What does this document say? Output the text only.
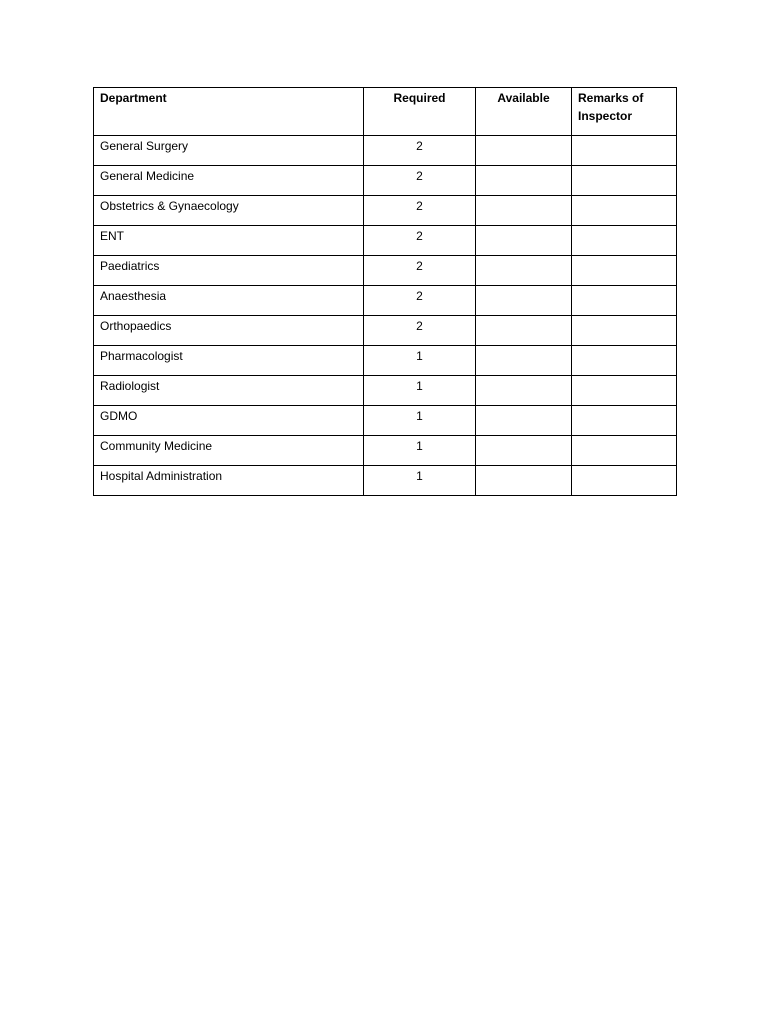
Department	Required	Available	Remarks of Inspector
General Surgery	2		
General Medicine	2		
Obstetrics & Gynaecology	2		
ENT	2		
Paediatrics	2		
Anaesthesia	2		
Orthopaedics	2		
Pharmacologist	1		
Radiologist	1		
GDMO	1		
Community Medicine	1		
Hospital Administration	1		
